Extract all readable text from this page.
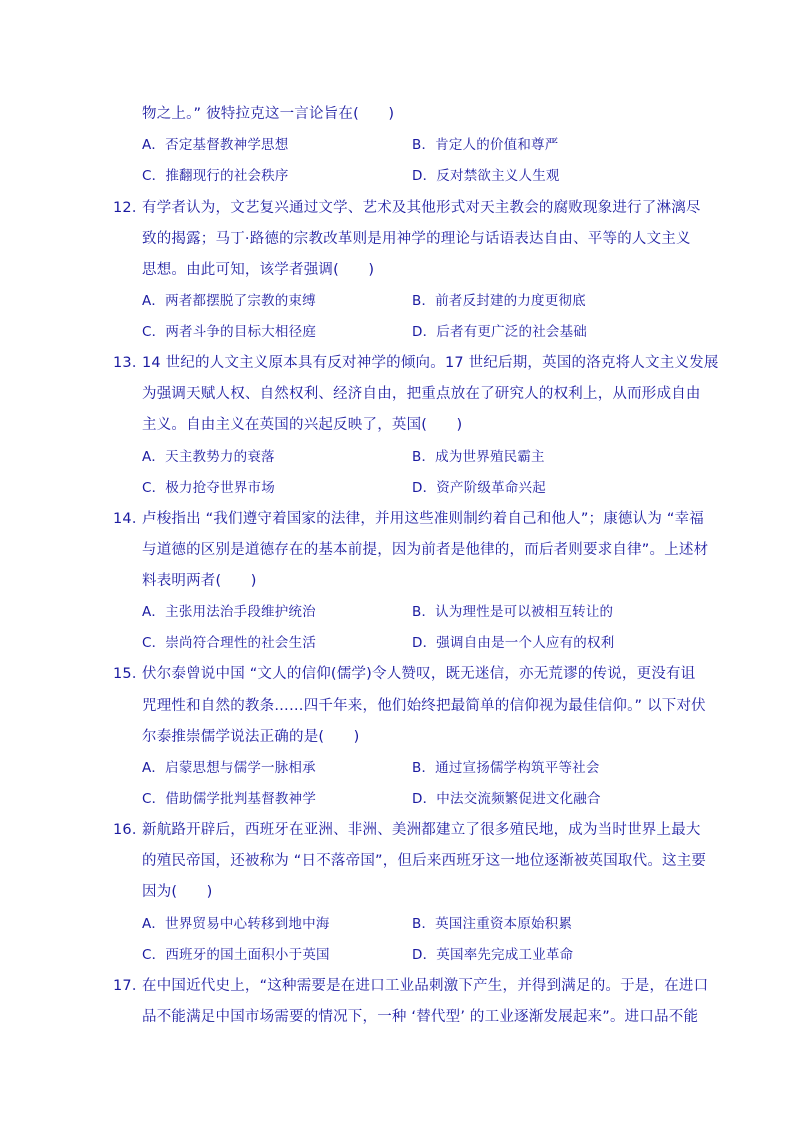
物之上。” 彼特拉克这一言论旨在(　　)
A．否定基督教神学思想	B．肯定人的价值和尊严
C．推翻现行的社会秩序	D．反对禁欲主义人生观
12．
有学者认为，文艺复兴通过文学、艺术及其他形式对天主教会的腐败现象进行了淋漓尽
致的揭露；马丁·路德的宗教改革则是用神学的理论与话语表达自由、平等的人文主义
思想。由此可知，该学者强调(　　)
A．两者都摆脱了宗教的束缚	B．前者反封建的力度更彻底
C．两者斗争的目标大相径庭	D．后者有更广泛的社会基础
13．
14 世纪的人文主义原本具有反对神学的倾向。17 世纪后期，英国的洛克将人文主义发展
为强调天赋人权、自然权利、经济自由，把重点放在了研究人的权利上，从而形成自由
主义。自由主义在英国的兴起反映了，英国(　　)
A．天主教势力的衰落	B．成为世界殖民霸主
C．极力抢夺世界市场	D．资产阶级革命兴起
14．
卢梭指出 “我们遵守着国家的法律，并用这些准则制约着自己和他人”；康德认为 “幸福
与道德的区别是道德存在的基本前提，因为前者是他律的，而后者则要求自律”。上述材
料表明两者(　　)
A．主张用法治手段维护统治	B．认为理性是可以被相互转让的
C．崇尚符合理性的社会生活	D．强调自由是一个人应有的权利
15．
伏尔泰曾说中国 “文人的信仰(儒学)令人赞叹，既无迷信，亦无荒谬的传说，更没有诅
咒理性和自然的教条……四千年来，他们始终把最简单的信仰视为最佳信仰。” 以下对伏
尔泰推崇儒学说法正确的是(　　)
A．启蒙思想与儒学一脉相承	B．通过宣扬儒学构筑平等社会
C．借助儒学批判基督教神学	D．中法交流频繁促进文化融合
16．
新航路开辟后，西班牙在亚洲、非洲、美洲都建立了很多殖民地，成为当时世界上最大
的殖民帝国，还被称为 “日不落帝国”，但后来西班牙这一地位逐渐被英国取代。这主要
因为(　　)
A．世界贸易中心转移到地中海	B．英国注重资本原始积累
C．西班牙的国土面积小于英国	D．英国率先完成工业革命
17．
在中国近代史上，“这种需要是在进口工业品刺激下产生，并得到满足的。于是，在进口
品不能满足中国市场需要的情况下，一种 ‘替代型’ 的工业逐渐发展起来”。进口品不能
